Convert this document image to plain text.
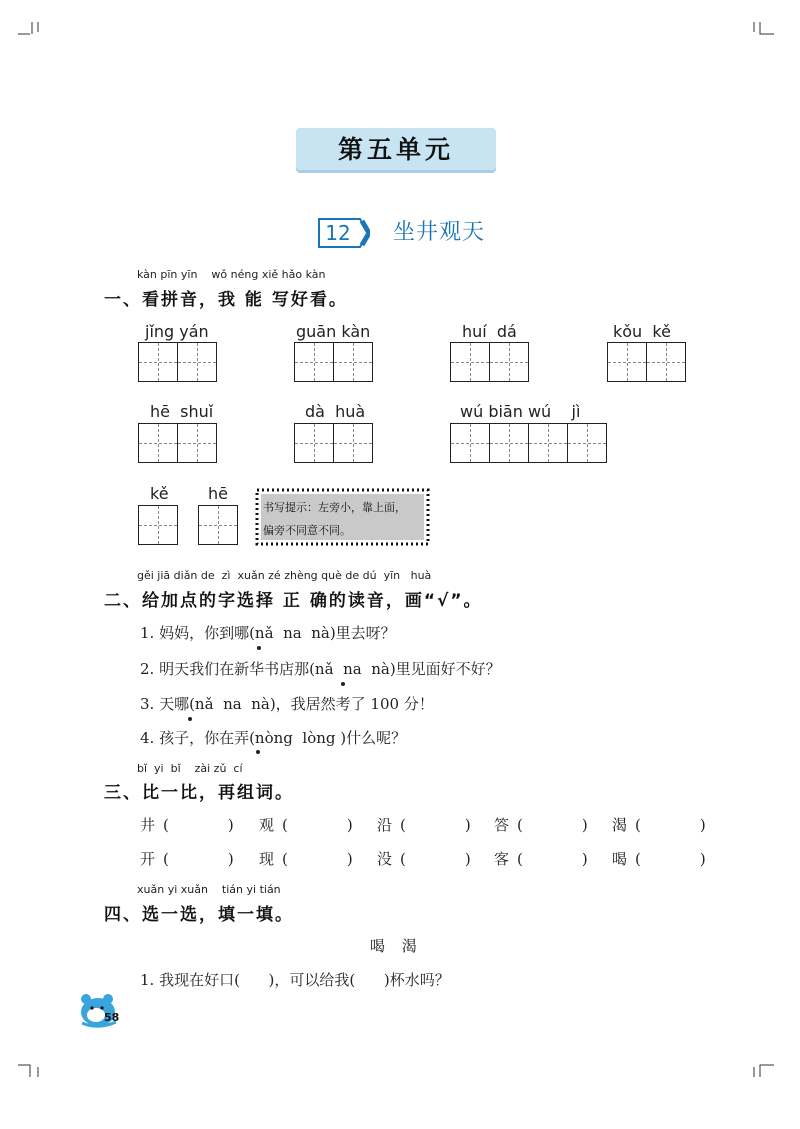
第五单元
12	坐井观天
kàn pīn yīn    wǒ néng xiě hǎo kàn
一、看拼音，我 能 写好看。
jǐng yán	guān kàn	huí  dá	kǒu  kě
hē  shuǐ	dà  huà	wú biān wú    jì
kě hē
书写提示：左旁小，靠上面，
偏旁不同意不同。
gěi jiā diǎn de  zì  xuǎn zé zhèng què de dú  yīn   huà
二、给加点的字选择 正 确的读音，画“√”。
1. 妈妈，你到哪(nǎ  na  nà)里去呀？
2. 明天我们在新华书店那(nǎ  na  nà)里见面好不好？
3. 天哪(nǎ  na  nà)，我居然考了 100 分！
4. 孩子，你在弄(nòng  lòng )什么呢？
bǐ  yi  bǐ    zài zǔ  cí
三、比一比，再组词。
井(    ) 观(    ) 沿(    ) 答(    ) 渴(    )
开(    ) 现(    ) 没(    ) 客(    ) 喝(    )
xuǎn yi xuǎn    tián yi tián
四、选一选，填一填。
喝 渴
1. 我现在好口(      )，可以给我(      )杯水吗？
58
